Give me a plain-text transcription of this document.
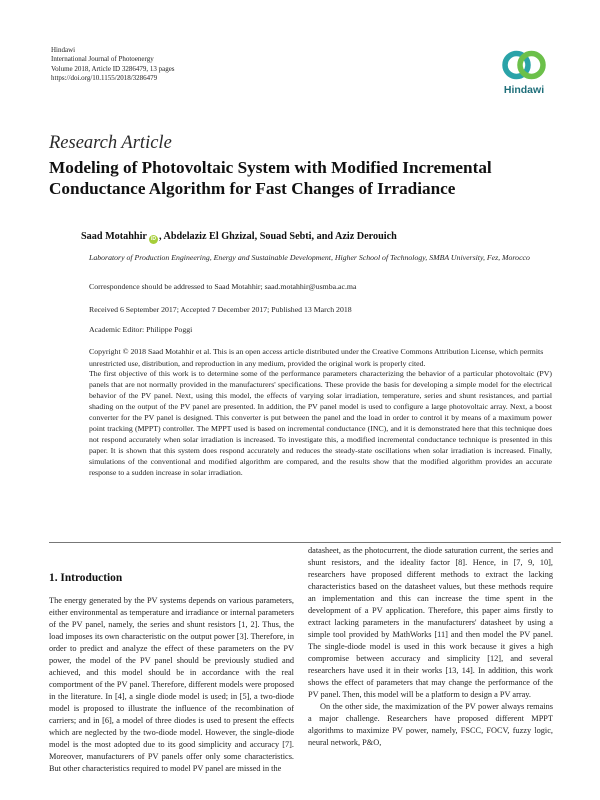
Hindawi
International Journal of Photoenergy
Volume 2018, Article ID 3286479, 13 pages
https://doi.org/10.1155/2018/3286479
Hindawi
Research Article
Modeling of Photovoltaic System with Modified Incremental Conductance Algorithm for Fast Changes of Irradiance
Saad Motahhir iD , Abdelaziz El Ghzizal, Souad Sebti, and Aziz Derouich
Laboratory of Production Engineering, Energy and Sustainable Development, Higher School of Technology, SMBA University, Fez, Morocco
Correspondence should be addressed to Saad Motahhir; saad.motahhir@usmba.ac.ma
Received 6 September 2017; Accepted 7 December 2017; Published 13 March 2018
Academic Editor: Philippe Poggi
Copyright © 2018 Saad Motahhir et al. This is an open access article distributed under the Creative Commons Attribution License, which permits unrestricted use, distribution, and reproduction in any medium, provided the original work is properly cited.
The first objective of this work is to determine some of the performance parameters characterizing the behavior of a particular photovoltaic (PV) panels that are not normally provided in the manufacturers' specifications. These provide the basis for developing a simple model for the electrical behavior of the PV panel. Next, using this model, the effects of varying solar irradiation, temperature, series and shunt resistances, and partial shading on the output of the PV panel are presented. In addition, the PV panel model is used to configure a large photovoltaic array. Next, a boost converter for the PV panel is designed. This converter is put between the panel and the load in order to control it by means of a maximum power point tracking (MPPT) controller. The MPPT used is based on incremental conductance (INC), and it is demonstrated here that this technique does not respond accurately when solar irradiation is increased. To investigate this, a modified incremental conductance technique is presented in this paper. It is shown that this system does respond accurately and reduces the steady-state oscillations when solar irradiation is increased. Finally, simulations of the conventional and modified algorithm are compared, and the results show that the modified algorithm provides an accurate response to a sudden increase in solar irradiation.
1. Introduction

The energy generated by the PV systems depends on various parameters, either environmental as temperature and irradiance or internal parameters of the PV panel, namely, the series and shunt resistors [1, 2]. Thus, the load imposes its own characteristic on the output power [3]. Therefore, in order to predict and analyze the effect of these parameters on the PV power, the model of the PV panel should be previously studied and achieved, and this model should be in accordance with the real comportment of the PV panel. Therefore, different models were proposed in the literature. In [4], a single diode model is used; in [5], a two-diode model is proposed to illustrate the influence of the recombination of carriers; and in [6], a model of three diodes is used to present the effects which are neglected by the two-diode model. However, the single-diode model is the most adopted due to its good simplicity and accuracy [7]. Moreover, manufacturers of PV panels offer only some characteristics. But other characteristics required to model PV panel are missed in the

datasheet, as the photocurrent, the diode saturation current, the series and shunt resistors, and the ideality factor [8]. Hence, in [7, 9, 10], researchers have proposed different methods to extract the lacking characteristics based on the datasheet values, but these methods require an implementation and this can increase the time spent in the development of a PV application. Therefore, this paper aims firstly to extract lacking parameters in the manufacturers' datasheet by using a simple tool provided by MathWorks [11] and then model the PV panel. The single-diode model is used in this work because it gives a high compromise between accuracy and simplicity [12], and several researchers have used it in their works [13, 14]. In addition, this work shows the effect of parameters that may change the performance of the PV panel. Then, this model will be a platform to design a PV array.

On the other side, the maximization of the PV power always remains a major challenge. Researchers have proposed different MPPT algorithms to maximize PV power, namely, FSCC, FOCV, fuzzy logic, neural network, P&O,
